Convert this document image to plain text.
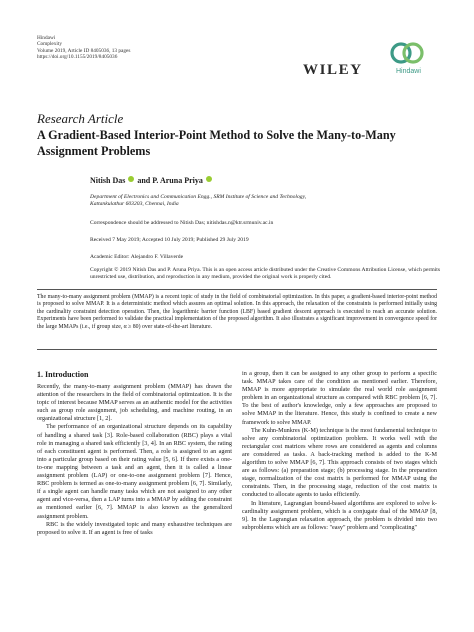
Hindawi
Complexity
Volume 2019, Article ID 8405036, 13 pages
https://doi.org/10.1155/2019/8405036
WILEY	Hindawi
Research Article
A Gradient-Based Interior-Point Method to Solve the Many-to-Many Assignment Problems
Nitish Das and P. Aruna Priya
Department of Electronics and Communication Engg., SRM Institute of Science and Technology,
Kattankulathur 603203, Chennai, India
Correspondence should be addressed to Nitish Das; nitishdas.n@ktr.srmuniv.ac.in
Received 7 May 2019; Accepted 10 July 2019; Published 29 July 2019
Academic Editor: Alejandro F. Villaverde
Copyright © 2019 Nitish Das and P. Aruna Priya. This is an open access article distributed under the Creative Commons Attribution License, which permits unrestricted use, distribution, and reproduction in any medium, provided the original work is properly cited.
The many-to-many assignment problem (MMAP) is a recent topic of study in the field of combinatorial optimization. In this paper, a gradient-based interior-point method is proposed to solve MMAP. It is a deterministic method which assures an optimal solution. In this approach, the relaxation of the constraints is performed initially using the cardinality constraint detection operation. Then, the logarithmic barrier function (LBF) based gradient descent approach is executed to reach an accurate solution. Experiments have been performed to validate the practical implementation of the proposed algorithm. It also illustrates a significant improvement in convergence speed for the large MMAPs (i.e., if group size, α ≥ 80) over state-of-the-art literature.
1. Introduction

Recently, the many-to-many assignment problem (MMAP) has drawn the attention of the researchers in the field of combinatorial optimization. It is the topic of interest because MMAP serves as an authentic model for the activities such as group role assignment, job scheduling, and machine routing, in an organizational structure [1, 2].

The performance of an organizational structure depends on its capability of handling a shared task [3]. Role-based collaboration (RBC) plays a vital role in managing a shared task efficiently [3, 4]. In an RBC system, the rating of each constituent agent is performed. Then, a role is assigned to an agent into a particular group based on their rating value [5, 6]. If there exists a one-to-one mapping between a task and an agent, then it is called a linear assignment problem (LAP) or one-to-one assignment problem [7]. Hence, RBC problem is termed as one-to-many assignment problem [6, 7]. Similarly, if a single agent can handle many tasks which are not assigned to any other agent and vice-versa, then a LAP turns into a MMAP by adding the constraint as mentioned earlier [6, 7]. MMAP is also known as the generalized assignment problem.

RBC is the widely investigated topic and many exhaustive techniques are proposed to solve it. If an agent is free of tasks

in a group, then it can be assigned to any other group to perform a specific task. MMAP takes care of the condition as mentioned earlier. Therefore, MMAP is more appropriate to simulate the real world role assignment problem in an organizational structure as compared with RBC problem [6, 7]. To the best of author's knowledge, only a few approaches are proposed to solve MMAP in the literature. Hence, this study is confined to create a new framework to solve MMAP.

The Kuhn-Munkres (K-M) technique is the most fundamental technique to solve any combinatorial optimization problem. It works well with the rectangular cost matrices where rows are considered as agents and columns are considered as tasks. A back-tracking method is added to the K-M algorithm to solve MMAP [6, 7]. This approach consists of two stages which are as follows: (a) preparation stage; (b) processing stage. In the preparation stage, normalization of the cost matrix is performed for MMAP using the constraints. Then, in the processing stage, reduction of the cost matrix is conducted to allocate agents to tasks efficiently.

In literature, Lagrangian bound-based algorithms are explored to solve k-cardinality assignment problem, which is a conjugate dual of the MMAP [8, 9]. In the Lagrangian relaxation approach, the problem is divided into two subproblems which are as follows: "easy" problem and "complicating"
